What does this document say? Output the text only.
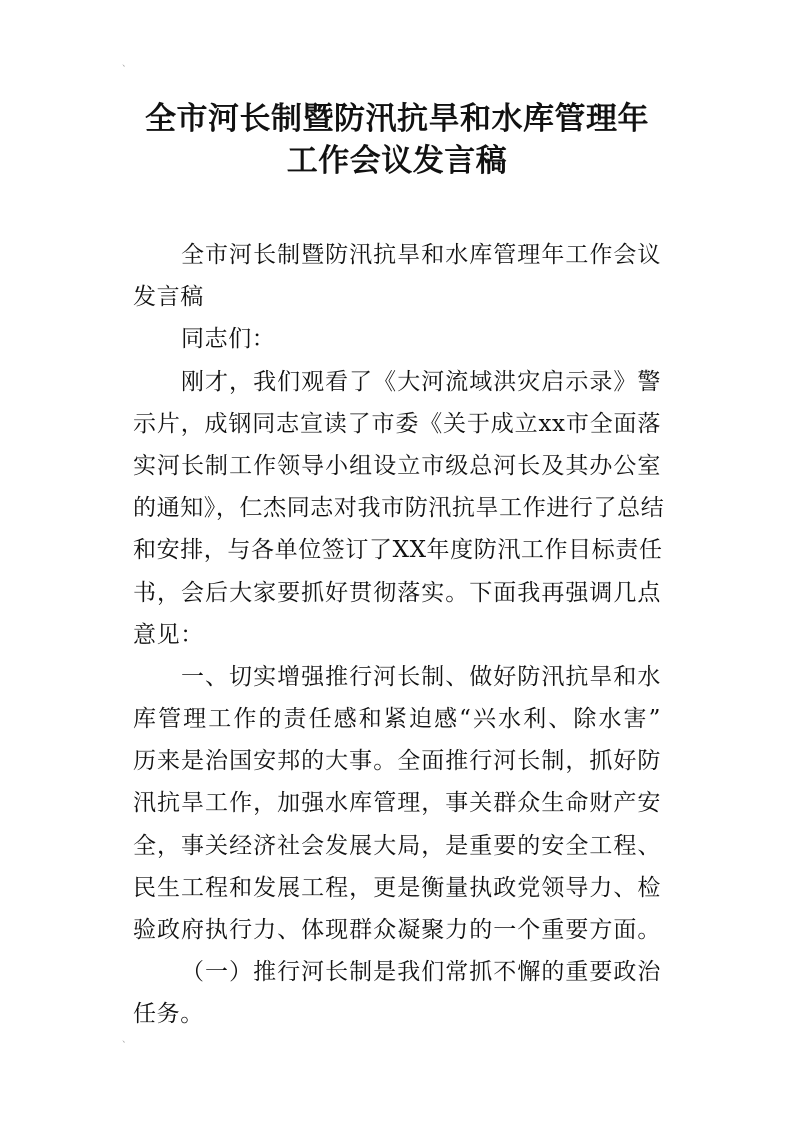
、
全市河长制暨防汛抗旱和水库管理年
工作会议发言稿
全市河长制暨防汛抗旱和水库管理年工作会议
发言稿
同志们：
刚才，我们观看了《大河流域洪灾启示录》警
示片，成钢同志宣读了市委《关于成立xx市全面落
实河长制工作领导小组设立市级总河长及其办公室
的通知》，仁杰同志对我市防汛抗旱工作进行了总结
和安排，与各单位签订了XX年度防汛工作目标责任
书，会后大家要抓好贯彻落实。下面我再强调几点
意见：
一、切实增强推行河长制、做好防汛抗旱和水
库管理工作的责任感和紧迫感“兴水利、除水害”
历来是治国安邦的大事。全面推行河长制，抓好防
汛抗旱工作，加强水库管理，事关群众生命财产安
全，事关经济社会发展大局，是重要的安全工程、
民生工程和发展工程，更是衡量执政党领导力、检
验政府执行力、体现群众凝聚力的一个重要方面。
（一）推行河长制是我们常抓不懈的重要政治
任务。
、
